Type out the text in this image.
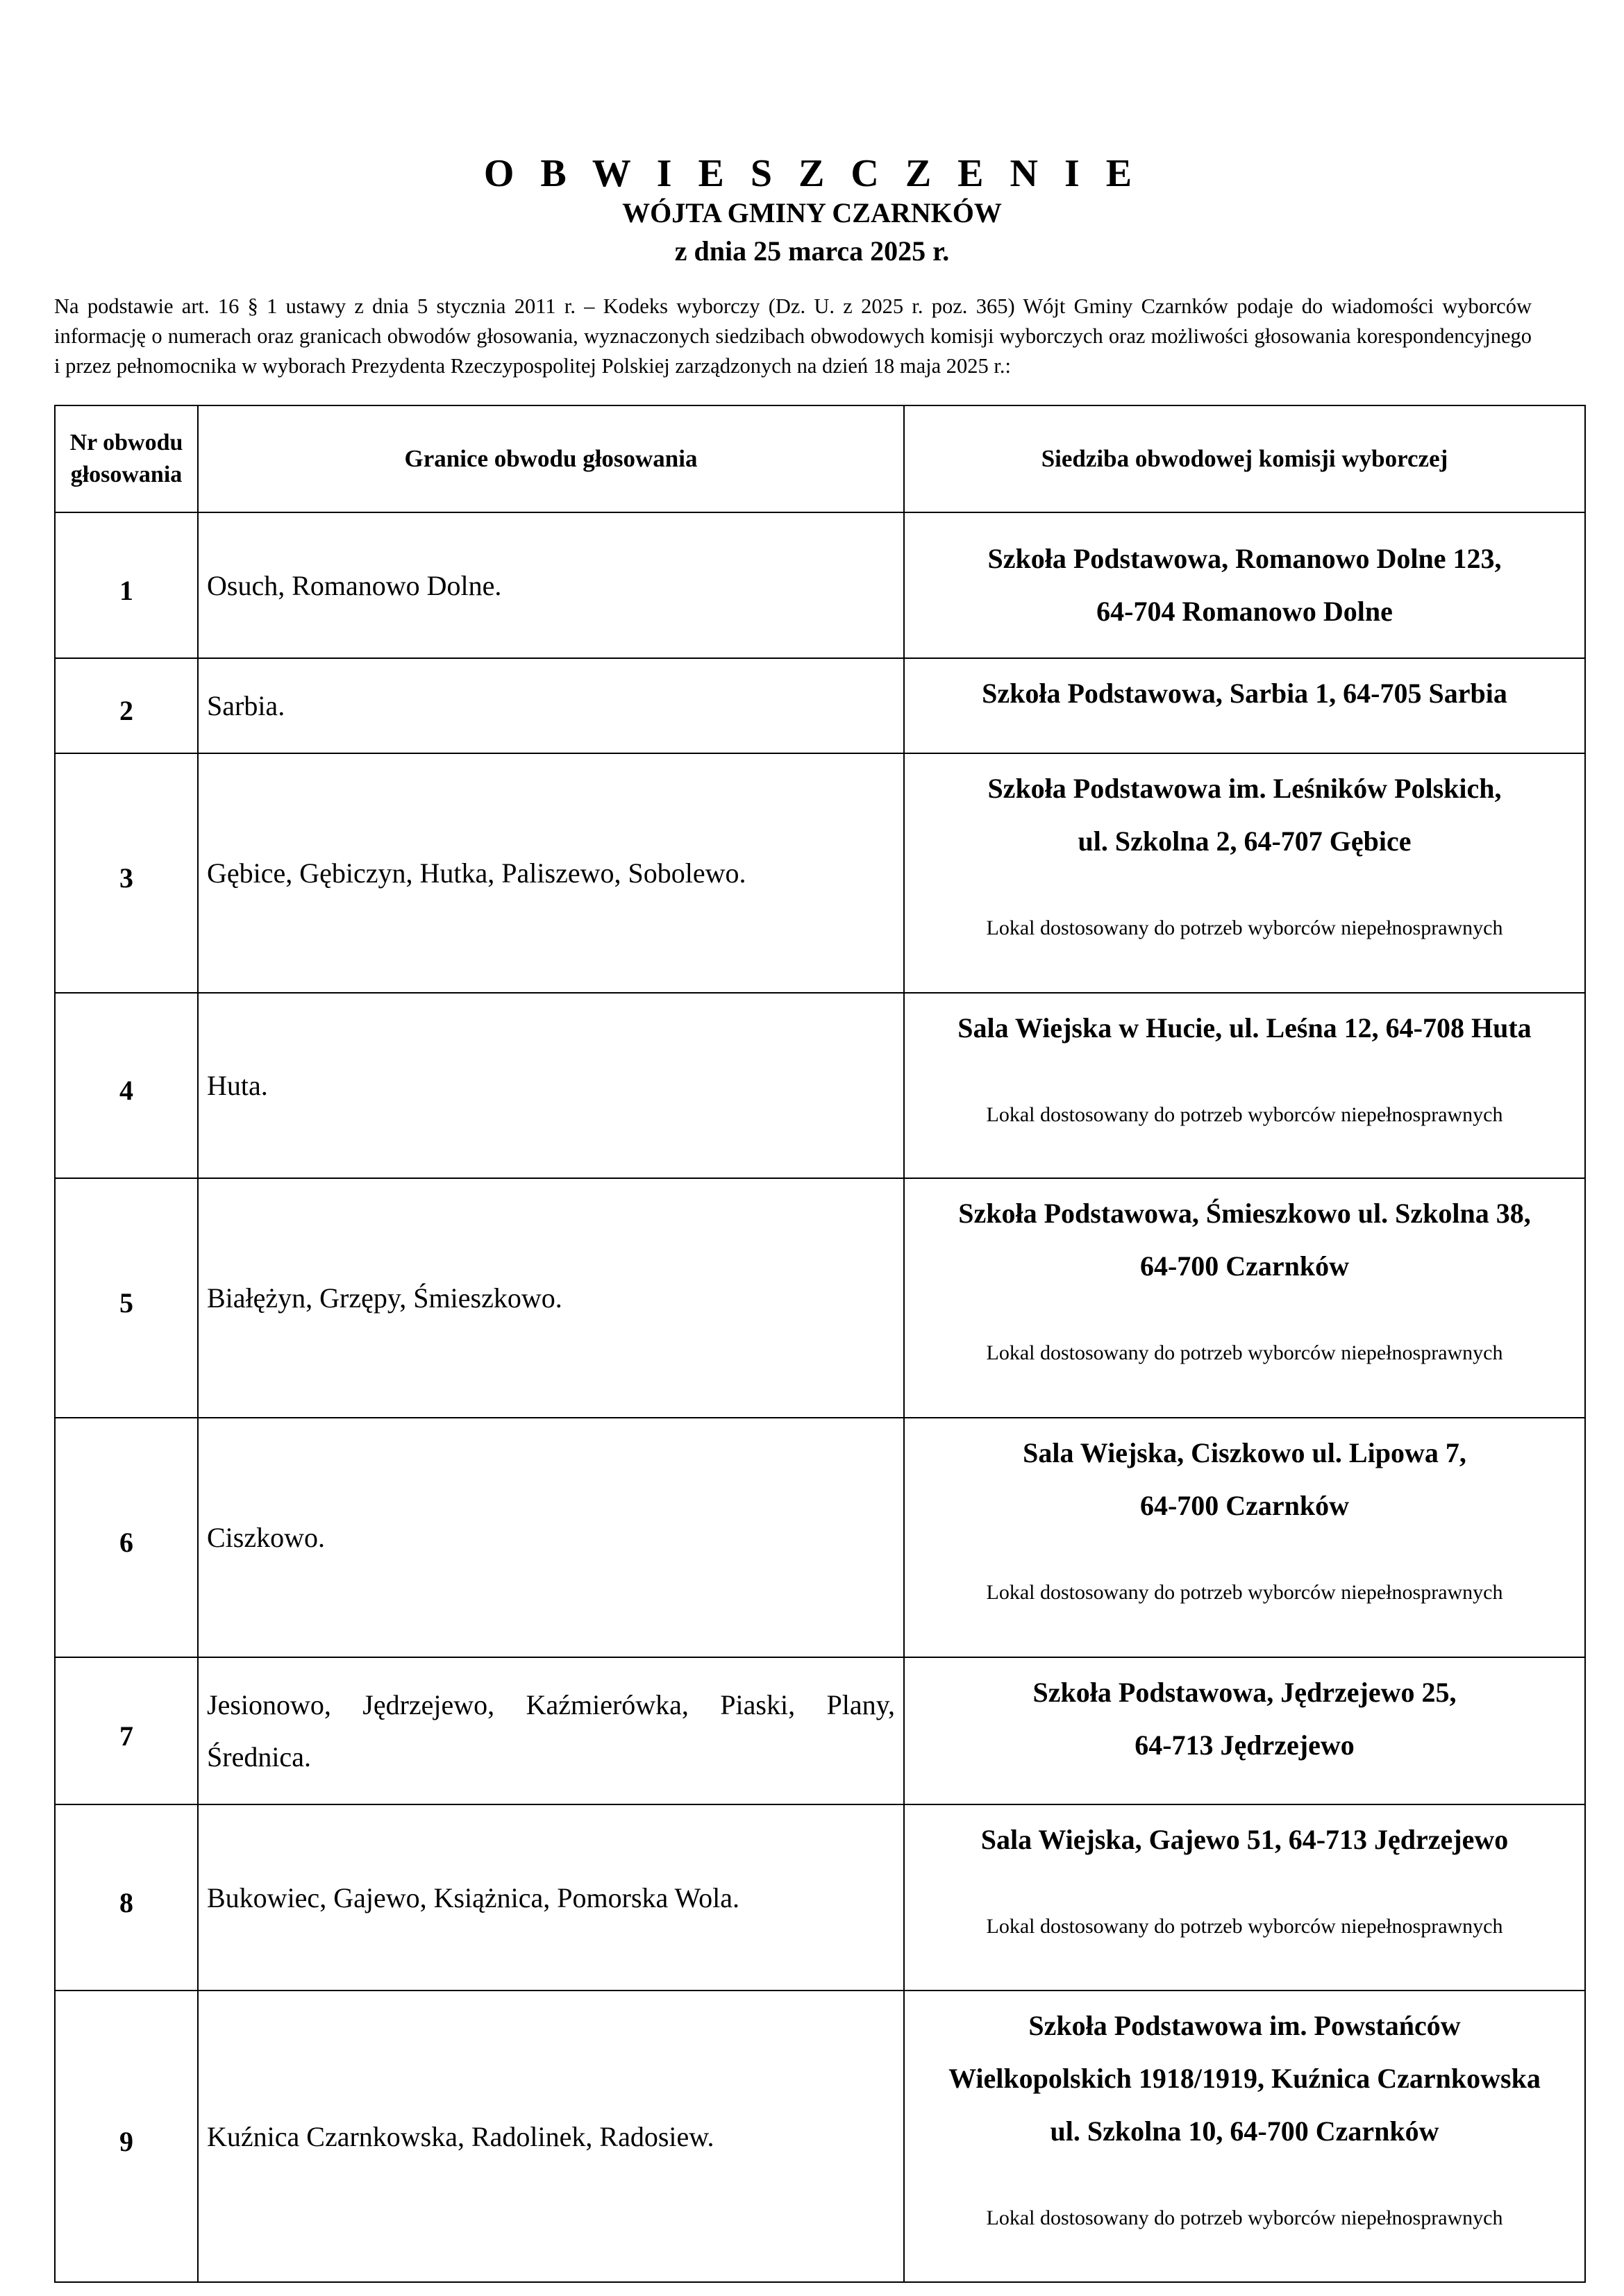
O B W I E S Z C Z E N I E
WÓJTA GMINY CZARNKÓW
z dnia 25 marca 2025 r.
Na podstawie art. 16 § 1 ustawy z dnia 5 stycznia 2011 r. – Kodeks wyborczy (Dz. U. z 2025 r. poz. 365) Wójt Gminy Czarnków podaje do wiadomości wyborców informację o numerach oraz granicach obwodów głosowania, wyznaczonych siedzibach obwodowych komisji wyborczych oraz możliwości głosowania korespondencyjnego i przez pełnomocnika w wyborach Prezydenta Rzeczypospolitej Polskiej zarządzonych na dzień 18 maja 2025 r.:
Nr obwodu
głosowania	Granice obwodu głosowania	Siedziba obwodowej komisji wyborczej
1	Osuch, Romanowo Dolne.	Szkoła Podstawowa, Romanowo Dolne 123,
64-704 Romanowo Dolne

2	Sarbia.	Szkoła Podstawowa, Sarbia 1, 64-705 Sarbia

3	Gębice, Gębiczyn, Hutka, Paliszewo, Sobolewo.	Szkoła Podstawowa im. Leśników Polskich,
ul. Szkolna 2, 64-707 Gębice
Lokal dostosowany do potrzeb wyborców niepełnosprawnych

4	Huta.	Sala Wiejska w Hucie, ul. Leśna 12, 64-708 Huta
Lokal dostosowany do potrzeb wyborców niepełnosprawnych

5	Białężyn, Grzępy, Śmieszkowo.	Szkoła Podstawowa, Śmieszkowo ul. Szkolna 38,
64-700 Czarnków
Lokal dostosowany do potrzeb wyborców niepełnosprawnych

6	Ciszkowo.	Sala Wiejska, Ciszkowo ul. Lipowa 7,
64-700 Czarnków
Lokal dostosowany do potrzeb wyborców niepełnosprawnych

7	Jesionowo, Jędrzejewo, Kaźmierówka, Piaski, Plany, Średnica.	Szkoła Podstawowa, Jędrzejewo 25,
64-713 Jędrzejewo

8	Bukowiec, Gajewo, Książnica, Pomorska Wola.	Sala Wiejska, Gajewo 51, 64-713 Jędrzejewo
Lokal dostosowany do potrzeb wyborców niepełnosprawnych

9	Kuźnica Czarnkowska, Radolinek, Radosiew.	Szkoła Podstawowa im. Powstańców
Wielkopolskich 1918/1919, Kuźnica Czarnkowska
ul. Szkolna 10, 64-700 Czarnków
Lokal dostosowany do potrzeb wyborców niepełnosprawnych
